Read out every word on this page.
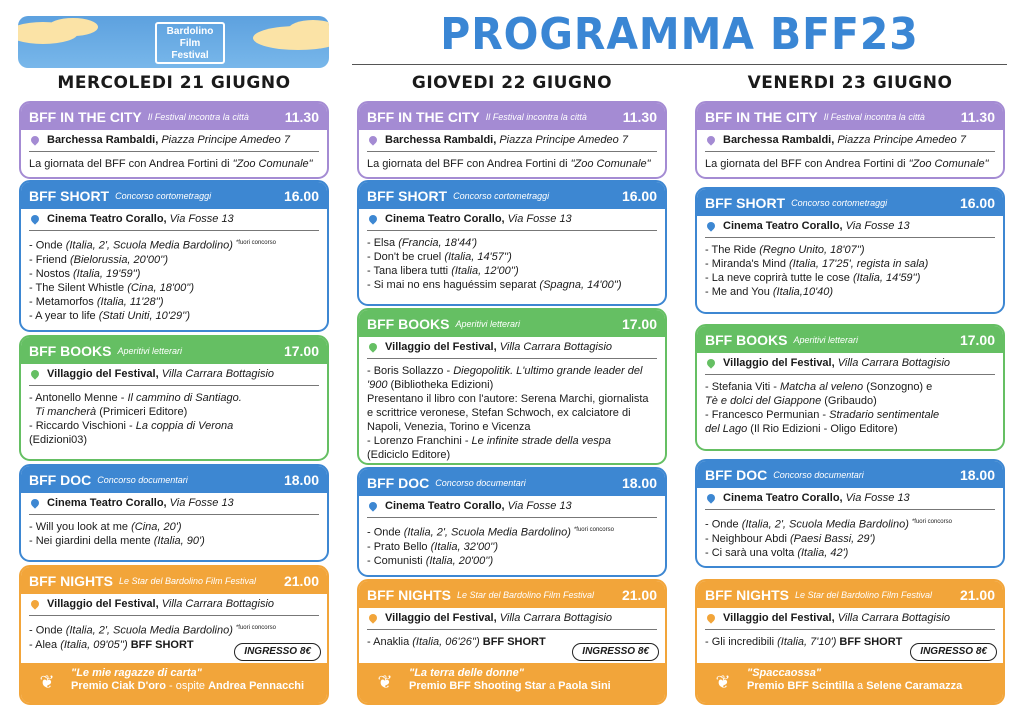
Bardolino
Film
Festival	PROGRAMMA BFF23
MERCOLEDI 21 GIUGNO
BFF IN THE CITY Il Festival incontra la città	11.30
Barchessa Rambaldi, Piazza Principe Amedeo 7
La giornata del BFF con Andrea Fortini di "Zoo Comunale"
BFF SHORT Concorso cortometraggi	16.00
Cinema Teatro Corallo, Via Fosse 13
- Onde (Italia, 2', Scuola Media Bardolino) $^{*fuori concorso}$
- Friend (Bielorussia, 20'00'')
- Nostos (Italia, 19'59'')
- The Silent Whistle (Cina, 18'00'')
- Metamorfos (Italia, 11'28'')
- A year to life (Stati Uniti, 10'29'')
BFF BOOKS Aperitivi letterari	17.00
Villaggio del Festival, Villa Carrara Bottagisio
- Antonello Menne - Il cammino di Santiago.
Ti mancherà (Primiceri Editore)
- Riccardo Vischioni - La coppia di Verona
(Edizioni03)
BFF DOC Concorso documentari	18.00
Cinema Teatro Corallo, Via Fosse 13
- Will you look at me (Cina, 20')
- Nei giardini della mente (Italia, 90')
BFF NIGHTS Le Star del Bardolino Film Festival	21.00
Villaggio del Festival, Villa Carrara Bottagisio
- Onde (Italia, 2', Scuola Media Bardolino) $^{*fuori concorso}$
- Alea (Italia, 09'05'') BFF SHORT
INGRESSO 8€
❦	"Le mie ragazze di carta"
Premio Ciak D'oro - ospite Andrea Pennacchi
GIOVEDI 22 GIUGNO
BFF IN THE CITY Il Festival incontra la città	11.30
Barchessa Rambaldi, Piazza Principe Amedeo 7
La giornata del BFF con Andrea Fortini di "Zoo Comunale"
BFF SHORT Concorso cortometraggi	16.00
Cinema Teatro Corallo, Via Fosse 13
- Elsa (Francia, 18'44')
- Don't be cruel (Italia, 14'57'')
- Tana libera tutti (Italia, 12'00'')
- Si mai no ens haguéssim separat (Spagna, 14'00'')
BFF BOOKS Aperitivi letterari	17.00
Villaggio del Festival, Villa Carrara Bottagisio
- Boris Sollazzo - Diegopolitik. L'ultimo grande leader del
'900 (Bibliotheka Edizioni)
Presentano il libro con l'autore: Serena Marchi, giornalista
e scrittrice veronese, Stefan Schwoch, ex calciatore di
Napoli, Venezia, Torino e Vicenza
- Lorenzo Franchini - Le infinite strade della vespa
(Ediciclo Editore)
BFF DOC Concorso documentari	18.00
Cinema Teatro Corallo, Via Fosse 13
- Onde (Italia, 2', Scuola Media Bardolino) $^{*fuori concorso}$
- Prato Bello (Italia, 32'00'')
- Comunisti (Italia, 20'00'')
BFF NIGHTS Le Star del Bardolino Film Festival	21.00
Villaggio del Festival, Villa Carrara Bottagisio
- Anaklia (Italia, 06'26'') BFF SHORT
INGRESSO 8€
❦	"La terra delle donne"
Premio BFF Shooting Star a Paola Sini
VENERDI 23 GIUGNO
BFF IN THE CITY Il Festival incontra la città	11.30
Barchessa Rambaldi, Piazza Principe Amedeo 7
La giornata del BFF con Andrea Fortini di "Zoo Comunale"
BFF SHORT Concorso cortometraggi	16.00
Cinema Teatro Corallo, Via Fosse 13
- The Ride (Regno Unito, 18'07'')
- Miranda's Mind (Italia, 17'25', regista in sala)
- La neve coprirà tutte le cose (Italia, 14'59'')
- Me and You (Italia,10'40)
BFF BOOKS Aperitivi letterari	17.00
Villaggio del Festival, Villa Carrara Bottagisio
- Stefania Viti - Matcha al veleno (Sonzogno) e
Tè e dolci del Giappone (Gribaudo)
- Francesco Permunian - Stradario sentimentale
del Lago (Il Rio Edizioni - Oligo Editore)
BFF DOC Concorso documentari	18.00
Cinema Teatro Corallo, Via Fosse 13
- Onde (Italia, 2', Scuola Media Bardolino) $^{*fuori concorso}$
- Neighbour Abdi (Paesi Bassi, 29')
- Ci sarà una volta (Italia, 42')
BFF NIGHTS Le Star del Bardolino Film Festival	21.00
Villaggio del Festival, Villa Carrara Bottagisio
- Gli incredibili (Italia, 7'10') BFF SHORT
INGRESSO 8€
❦	"Spaccaossa"
Premio BFF Scintilla a Selene Caramazza
